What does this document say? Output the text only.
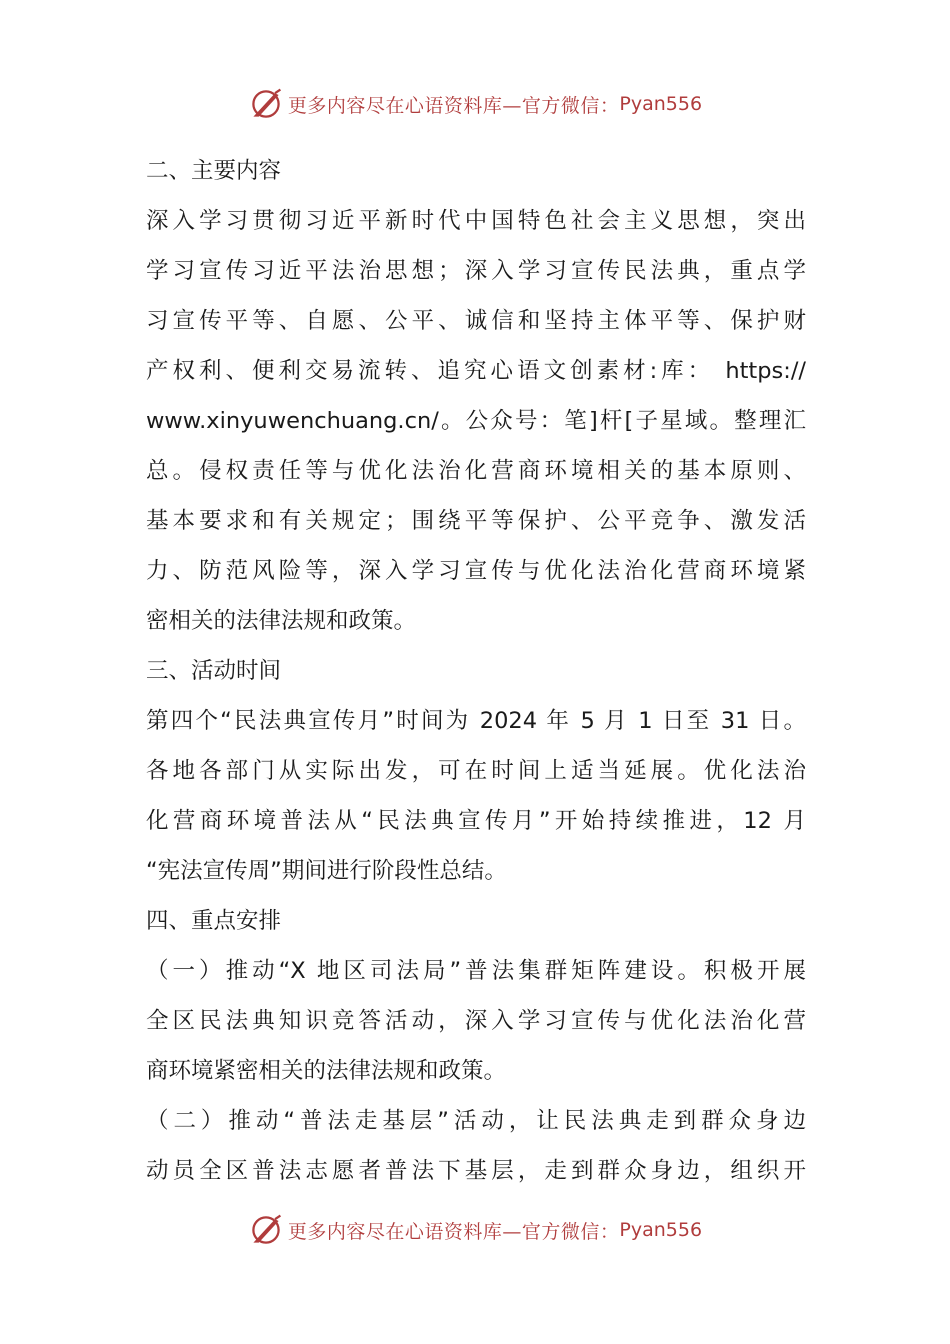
更多内容尽在心语资料库—官方微信： Pyan556
二、主要内容
深入学习贯彻习近平新时代中国特色社会主义思想，突出
学习宣传习近平法治思想；深入学习宣传民法典，重点学
习宣传平等、自愿、公平、诚信和坚持主体平等、保护财
产权利、便利交易流转、追究心语文创素材:库： https://
www.xinyuwenchuang.cn/。公众号：笔]杆[子星域。整理汇
总。侵权责任等与优化法治化营商环境相关的基本原则、
基本要求和有关规定；围绕平等保护、公平竞争、激发活
力、防范风险等，深入学习宣传与优化法治化营商环境紧
密相关的法律法规和政策。
三、活动时间
第四个“民法典宣传月”时间为 2024 年 5 月 1 日至 31 日。
各地各部门从实际出发，可在时间上适当延展。优化法治
化营商环境普法从“民法典宣传月”开始持续推进，12 月
“宪法宣传周”期间进行阶段性总结。
四、重点安排
（一）推动“X 地区司法局”普法集群矩阵建设。积极开展
全区民法典知识竞答活动，深入学习宣传与优化法治化营
商环境紧密相关的法律法规和政策。
（二）推动“普法走基层”活动，让民法典走到群众身边
动员全区普法志愿者普法下基层，走到群众身边，组织开
更多内容尽在心语资料库—官方微信： Pyan556
